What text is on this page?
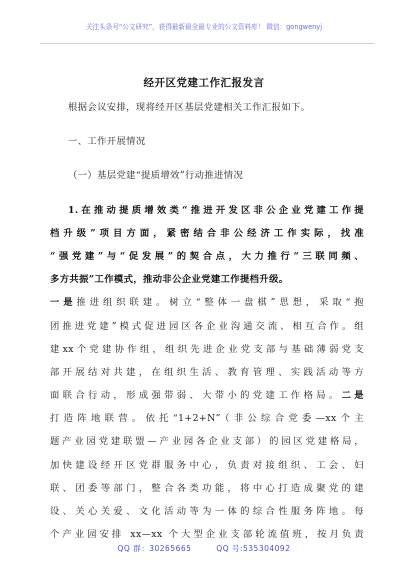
关注头条号“公文研究”，获得最新最全最专业的公文资料库！ 微信：gongwenyj
经开区党建工作汇报发言
根据会议安排，现将经开区基层党建相关工作汇报如下。
一、工作开展情况
（一）基层党建“提质增效”行动推进情况
1.在推动提质增效类“推进开发区非公企业党建工作提
档升级”项目方面，紧密结合非公经济工作实际，找准
“强党建”与“促发展”的契合点，大力推行“三联同频、
多方共振”工作模式，推动非公企业党建工作提档升级。
一是推进组织联建。树立“整体一盘棋”思想，采取“抱
团推进党建”模式促进园区各企业沟通交流、相互合作。组
建xx个党建协作组，组织先进企业党支部与基础薄弱党支
部开展结对共建，在组织生活、教育管理、实践活动等方
面联合行动，形成强带弱、大带小的党建工作格局。二是
打造阵地联营。依托“1+2+N”（非公综合党委—xx个主
题产业园党建联盟—产业园各企业支部）的园区党建格局，
加快建设经开区党群服务中心，负责对接组织、工会、妇
联、团委等部门，整合各类功能，将中心打造成聚党的建
设、关心关爱、文化活动等为一体的综合性服务阵地。每
个产业园安排 xx—xx 个大型企业支部轮流值班，按月负责
QQ 群：30265665	QQ 号:535304092
